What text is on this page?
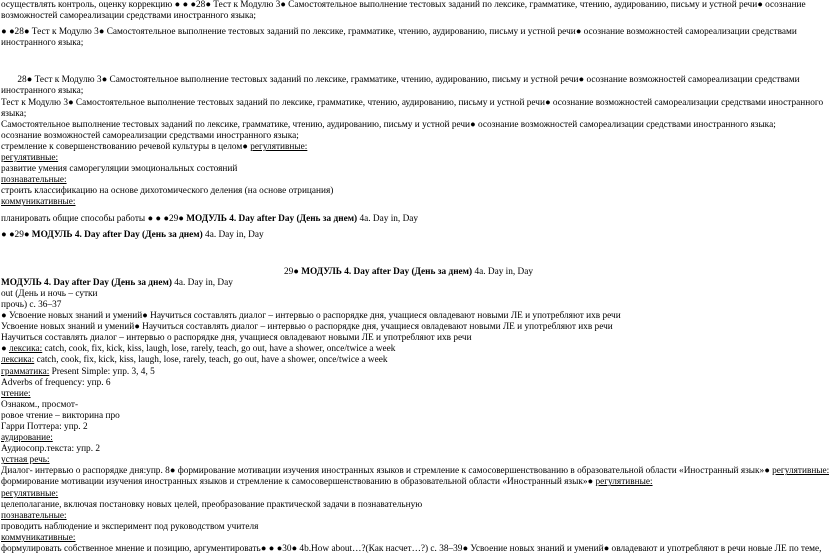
осуществлять контроль, оценку коррекцию ● ● ●28● Тест к Модулю 3● Самостоятельное выполнение тестовых заданий по лексике, грамматике, чтению, аудированию, письму и устной речи● осознание
возможностей самореализации средствами иностранного языка;
● ●28● Тест к Модулю 3● Самостоятельное выполнение тестовых заданий по лексике, грамматике, чтению, аудированию, письму и устной речи● осознание возможностей самореализации средствами
иностранного языка;
28● Тест к Модулю 3● Самостоятельное выполнение тестовых заданий по лексике, грамматике, чтению, аудированию, письму и устной речи● осознание возможностей самореализации средствами
иностранного языка;
Тест к Модулю 3● Самостоятельное выполнение тестовых заданий по лексике, грамматике, чтению, аудированию, письму и устной речи● осознание возможностей самореализации средствами иностранного
языка;
Самостоятельное выполнение тестовых заданий по лексике, грамматике, чтению, аудированию, письму и устной речи● осознание возможностей самореализации средствами иностранного языка;
осознание возможностей самореализации средствами иностранного языка;
стремление к совершенствованию речевой культуры в целом● регулятивные:
регулятивные:
развитие умения саморегуляции эмоциональных состояний
познавательные:
строить классификацию на основе дихотомического деления (на основе отрицания)
коммуникативные:
планировать общие способы работы ● ● ●29● МОДУЛЬ 4. Day after Day (День за днем) 4a. Day in, Day
● ●29● МОДУЛЬ 4. Day after Day (День за днем) 4a. Day in, Day
29● МОДУЛЬ 4. Day after Day (День за днем) 4a. Day in, Day
МОДУЛЬ 4. Day after Day (День за днем) 4a. Day in, Day
out (День и ночь – сутки
прочь) с. 36–37
● Усвоение новых знаний и умений● Научиться составлять диалог – интервью о распорядке дня, учащиеся овладевают новыми ЛЕ и употребляют ихв речи
Усвоение новых знаний и умений● Научиться составлять диалог – интервью о распорядке дня, учащиеся овладевают новыми ЛЕ и употребляют ихв речи
Научиться составлять диалог – интервью о распорядке дня, учащиеся овладевают новыми ЛЕ и употребляют ихв речи
● лексика: catch, cook, fix, kick, kiss, laugh, lose, rarely, teach, go out, have a shower, once/twice a week
лексика: catch, cook, fix, kick, kiss, laugh, lose, rarely, teach, go out, have a shower, once/twice a week
грамматика: Present Simple: упр. 3, 4, 5
Adverbs of frequency: упр. 6
чтение:
Ознаком., просмот-
ровое чтение – викторина про
Гарри Поттера: упр. 2
аудирование:
Аудиосопр.текста: упр. 2
устная речь:
Диалог- интервью о распорядке дня:упр. 8● формирование мотивации изучения иностранных языков и стремление к самосовершенствованию в образовательной области «Иностранный язык»● регулятивные:
формирование мотивации изучения иностранных языков и стремление к самосовершенствованию в образовательной области «Иностранный язык»● регулятивные:
регулятивные:
целеполагание, включая постановку новых целей, преобразование практической задачи в познавательную
познавательные:
проводить наблюдение и эксперимент под руководством учителя
коммуникативные:
формулировать собственное мнение и позицию, аргументировать● ● ●30● 4b.How about…?(Как насчет…?) с. 38–39● Усвоение новых знаний и умений● овладевают и употребляют в речи новые ЛЕ по теме,
